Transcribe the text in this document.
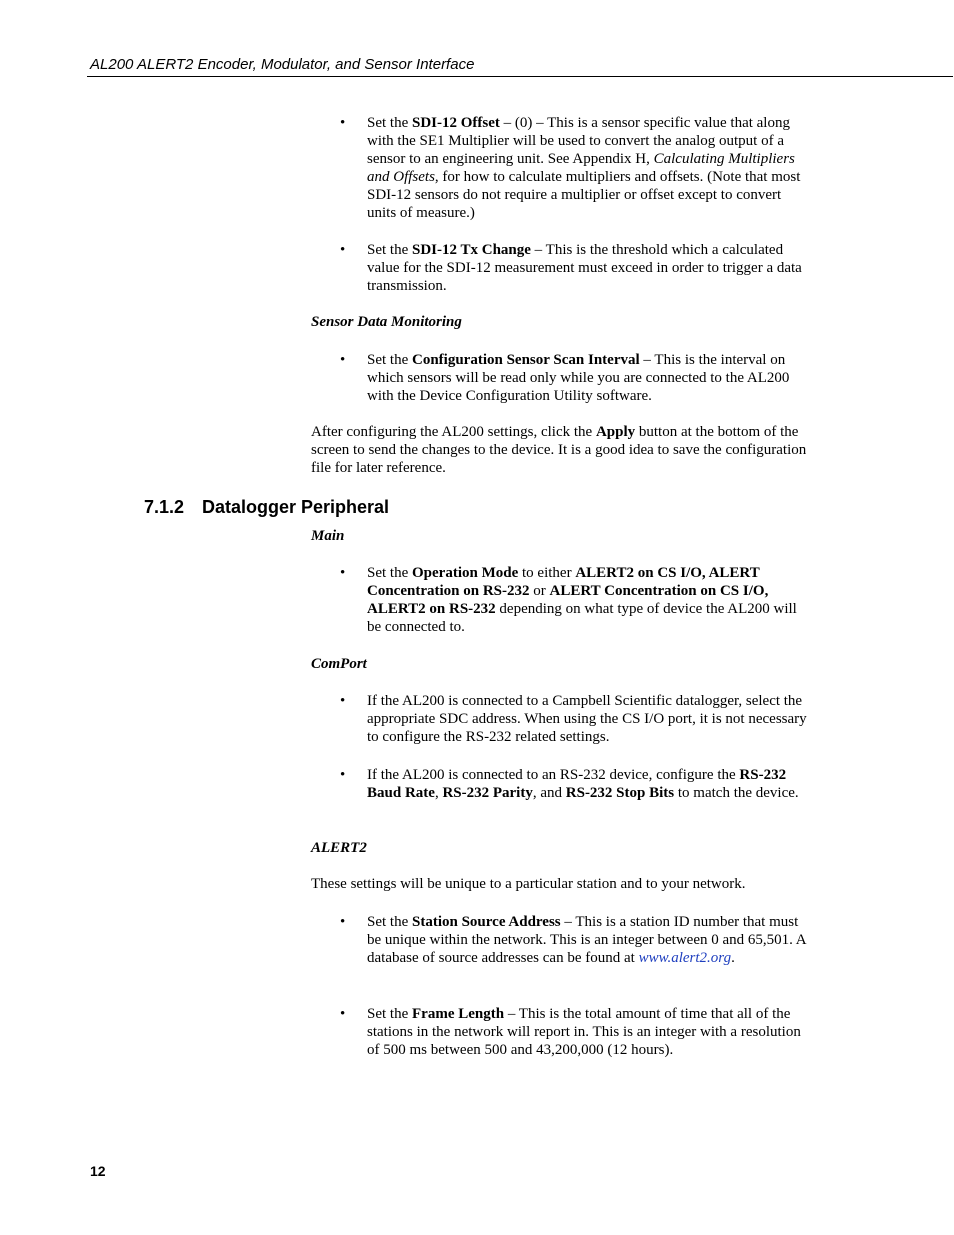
AL200 ALERT2 Encoder, Modulator, and Sensor Interface
• Set the SDI-12 Offset – (0) – This is a sensor specific value that along with the SE1 Multiplier will be used to convert the analog output of a sensor to an engineering unit. See Appendix H, Calculating Multipliers and Offsets, for how to calculate multipliers and offsets. (Note that most SDI-12 sensors do not require a multiplier or offset except to convert units of measure.)
• Set the SDI-12 Tx Change – This is the threshold which a calculated value for the SDI-12 measurement must exceed in order to trigger a data transmission.
Sensor Data Monitoring
• Set the Configuration Sensor Scan Interval – This is the interval on which sensors will be read only while you are connected to the AL200 with the Device Configuration Utility software.
After configuring the AL200 settings, click the Apply button at the bottom of the screen to send the changes to the device. It is a good idea to save the configuration file for later reference.
7.1.2 Datalogger Peripheral
Main
• Set the Operation Mode to either ALERT2 on CS I/O, ALERT Concentration on RS-232 or ALERT Concentration on CS I/O, ALERT2 on RS-232 depending on what type of device the AL200 will be connected to.
ComPort
• If the AL200 is connected to a Campbell Scientific datalogger, select the appropriate SDC address. When using the CS I/O port, it is not necessary to configure the RS-232 related settings.
• If the AL200 is connected to an RS-232 device, configure the RS-232 Baud Rate, RS-232 Parity, and RS-232 Stop Bits to match the device.
ALERT2
These settings will be unique to a particular station and to your network.
• Set the Station Source Address – This is a station ID number that must be unique within the network. This is an integer between 0 and 65,501. A database of source addresses can be found at www.alert2.org.
• Set the Frame Length – This is the total amount of time that all of the stations in the network will report in. This is an integer with a resolution of 500 ms between 500 and 43,200,000 (12 hours).
12
